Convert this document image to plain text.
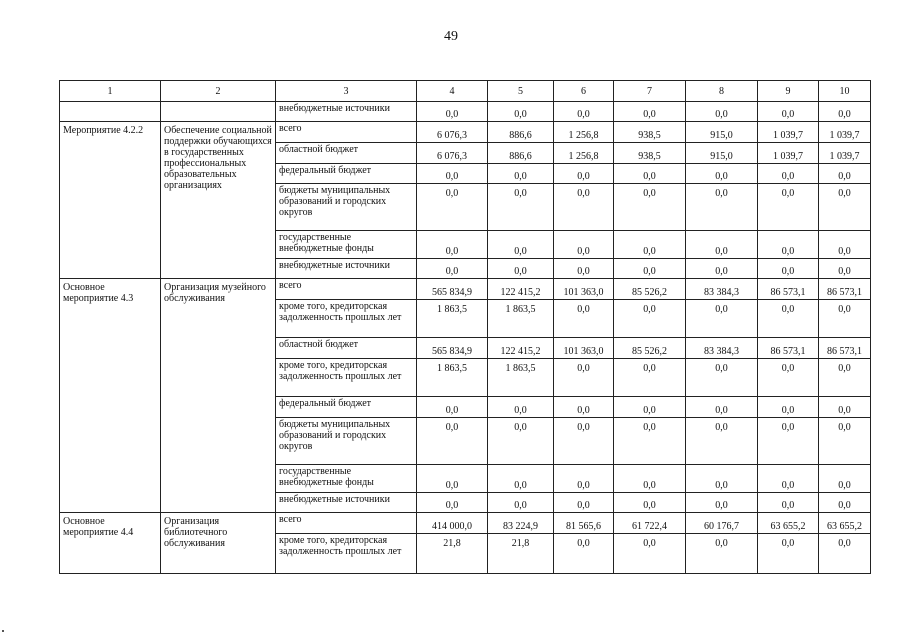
49
1	2	3	4	5	6	7	8	9	10
		внебюджетные источники	0,0	0,0	0,0	0,0	0,0	0,0	0,0
Мероприятие 4.2.2	Обеспечение социальной поддержки обучающихся в государственных профессиональных образовательных организациях	всего	6 076,3	886,6	1 256,8	938,5	915,0	1 039,7	1 039,7
		областной бюджет	6 076,3	886,6	1 256,8	938,5	915,0	1 039,7	1 039,7
		федеральный бюджет	0,0	0,0	0,0	0,0	0,0	0,0	0,0
		бюджеты муниципальных образований и городских округов	0,0	0,0	0,0	0,0	0,0	0,0	0,0
		государственные внебюджетные фонды	0,0	0,0	0,0	0,0	0,0	0,0	0,0
		внебюджетные источники	0,0	0,0	0,0	0,0	0,0	0,0	0,0
Основное мероприятие 4.3	Организация музейного обслуживания	всего	565 834,9	122 415,2	101 363,0	85 526,2	83 384,3	86 573,1	86 573,1
		кроме того, кредиторская задолженность прошлых лет	1 863,5	1 863,5	0,0	0,0	0,0	0,0	0,0
		областной бюджет	565 834,9	122 415,2	101 363,0	85 526,2	83 384,3	86 573,1	86 573,1
		кроме того, кредиторская задолженность прошлых лет	1 863,5	1 863,5	0,0	0,0	0,0	0,0	0,0
		федеральный бюджет	0,0	0,0	0,0	0,0	0,0	0,0	0,0
		бюджеты муниципальных образований и городских округов	0,0	0,0	0,0	0,0	0,0	0,0	0,0
		государственные внебюджетные фонды	0,0	0,0	0,0	0,0	0,0	0,0	0,0
		внебюджетные источники	0,0	0,0	0,0	0,0	0,0	0,0	0,0
Основное мероприятие 4.4	Организация библиотечного обслуживания	всего	414 000,0	83 224,9	81 565,6	61 722,4	60 176,7	63 655,2	63 655,2
		кроме того, кредиторская задолженность прошлых лет	21,8	21,8	0,0	0,0	0,0	0,0	0,0
